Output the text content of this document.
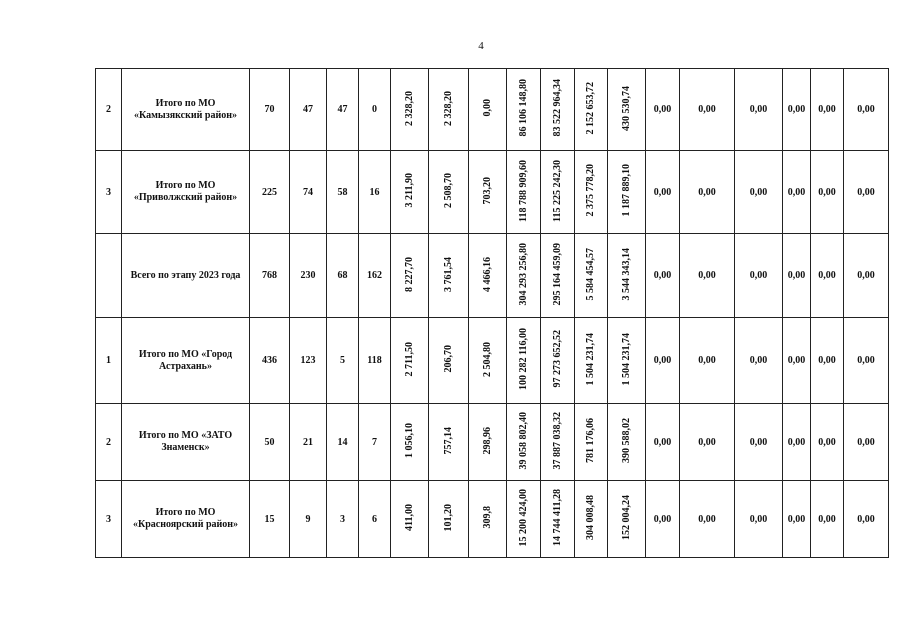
4
2	Итого по МО «Камызякский район»	70	47	47	0	2 328,20	2 328,20	0,00	86 106 148,80	83 522 964,34	2 152 653,72	430 530,74	0,00	0,00	0,00	0,00	0,00	0,00
3	Итого по МО «Приволжский район»	225	74	58	16	3 211,90	2 508,70	703,20	118 788 909,60	115 225 242,30	2 375 778,20	1 187 889,10	0,00	0,00	0,00	0,00	0,00	0,00
	Всего по этапу 2023 года	768	230	68	162	8 227,70	3 761,54	4 466,16	304 293 256,80	295 164 459,09	5 584 454,57	3 544 343,14	0,00	0,00	0,00	0,00	0,00	0,00
1	Итого по МО «Город Астрахань»	436	123	5	118	2 711,50	206,70	2 504,80	100 282 116,00	97 273 652,52	1 504 231,74	1 504 231,74	0,00	0,00	0,00	0,00	0,00	0,00
2	Итого по МО «ЗАТО Знаменск»	50	21	14	7	1 056,10	757,14	298,96	39 058 802,40	37 887 038,32	781 176,06	390 588,02	0,00	0,00	0,00	0,00	0,00	0,00
3	Итого по МО «Красноярский район»	15	9	3	6	411,00	101,20	309,8	15 200 424,00	14 744 411,28	304 008,48	152 004,24	0,00	0,00	0,00	0,00	0,00	0,00
